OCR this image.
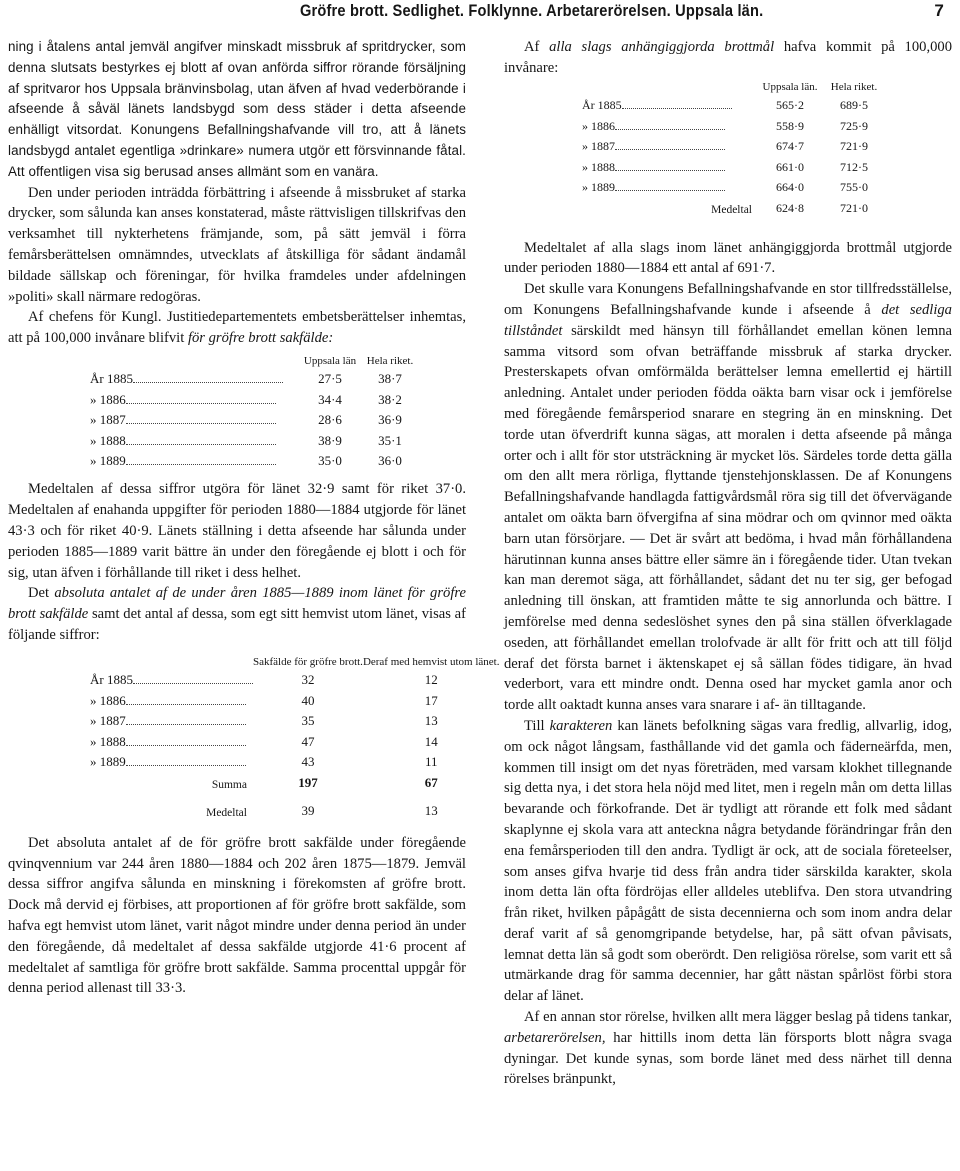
Gröfre brott. Sedlighet. Folklynne. Arbetarerörelsen. Uppsala län.	7

ning i åtalens antal jemväl angifver minskadt missbruk af spritdrycker, som denna slutsats bestyrkes ej blott af ovan anförda siffror rörande försäljning af spritvaror hos Uppsala bränvinsbolag, utan äfven af hvad vederbörande i afseende å såväl länets landsbygd som dess städer i detta afseende enhälligt vitsordat. Konungens Befallningshafvande vill tro, att å länets landsbygd antalet egentliga »drinkare» numera utgör ett försvinnande fåtal. Att offentligen visa sig berusad anses allmänt som en vanära.

Den under perioden inträdda förbättring i afseende å missbruket af starka drycker, som sålunda kan anses konstaterad, måste rättvisligen tillskrifvas den verksamhet till nykterhetens främjande, som, på sätt jemväl i förra femårsberättelsen omnämndes, utvecklats af åtskilliga för sådant ändamål bildade sällskap och föreningar, för hvilka framdeles under afdelningen »politi» skall närmare redogöras.

Af chefens för Kungl. Justitiedepartementets embetsberättelser inhemtas, att på 100,000 invånare blifvit för gröfre brott sakfälde:

	Uppsala län	Hela riket.

År 1885	27·5	38·7

» 1886	34·4	38·2

» 1887	28·6	36·9

» 1888	38·9	35·1

» 1889	35·0	36·0

Medeltalen af dessa siffror utgöra för länet 32·9 samt för riket 37·0. Medeltalen af enahanda uppgifter för perioden 1880—1884 utgjorde för länet 43·3 och för riket 40·9. Länets ställning i detta afseende har sålunda under perioden 1885—1889 varit bättre än under den föregående ej blott i och för sig, utan äfven i förhållande till riket i dess helhet.

Det absoluta antalet af de under åren 1885—1889 inom länet för gröfre brott sakfälde samt det antal af dessa, som egt sitt hemvist utom länet, visas af följande siffror:

	Sakfälde för gröfre brott.	Deraf med hemvist utom länet.

År 1885	32	12

» 1886	40	17

» 1887	35	13

» 1888	47	14

» 1889	43	11
Summa	197	67
Medeltal	39	13

Det absoluta antalet af de för gröfre brott sakfälde under föregående qvinqvennium var 244 åren 1880—1884 och 202 åren 1875—1879. Jemväl dessa siffror angifva sålunda en minskning i förekomsten af gröfre brott. Dock må dervid ej förbises, att proportionen af för gröfre brott sakfälde, som hafva egt hemvist utom länet, varit något mindre under denna period än under den föregående, då medeltalet af dessa sakfälde utgjorde 41·6 procent af medeltalet af samtliga för gröfre brott sakfälde. Samma procenttal uppgår för denna period allenast till 33·3.

Af alla slags anhängiggjorda brottmål hafva kommit på 100,000 invånare:

	Uppsala län.	Hela riket.

År 1885	565·2	689·5

» 1886	558·9	725·9

» 1887	674·7	721·9

» 1888	661·0	712·5

» 1889	664·0	755·0
Medeltal	624·8	721·0

Medeltalet af alla slags inom länet anhängiggjorda brottmål utgjorde under perioden 1880—1884 ett antal af 691·7.

Det skulle vara Konungens Befallningshafvande en stor tillfredsställelse, om Konungens Befallningshafvande kunde i afseende å det sedliga tillståndet särskildt med hänsyn till förhållandet emellan könen lemna samma vitsord som ofvan beträffande missbruk af starka drycker. Presterskapets ofvan omförmälda berättelser lemna emellertid ej härtill anledning. Antalet under perioden födda oäkta barn visar ock i jemförelse med föregående femårsperiod snarare en stegring än en minskning. Det torde utan öfverdrift kunna sägas, att moralen i detta afseende på många orter och i allt för stor utsträckning är mycket lös. Särdeles torde detta gälla om den allt mera rörliga, flyttande tjenstehjonsklassen. De af Konungens Befallningshafvande handlagda fattigvårdsmål röra sig till det öfvervägande antalet om oäkta barn öfvergifna af sina mödrar och om qvinnor med oäkta barn utan försörjare. — Det är svårt att bedöma, i hvad mån förhållandena härutinnan kunna anses bättre eller sämre än i föregående tider. Utan tvekan kan man deremot säga, att förhållandet, sådant det nu ter sig, ger befogad anledning till önskan, att framtiden måtte te sig annorlunda och bättre. I jemförelse med denna sedeslöshet synes den på sina ställen öfverklagade oseden, att förhållandet emellan trolofvade är allt för fritt och att till följd deraf det första barnet i äktenskapet ej så sällan födes tidigare, än hvad vederbort, vara ett mindre ondt. Denna osed har mycket gamla anor och torde allt oaktadt kunna anses vara snarare i af- än tilltagande.

Till karakteren kan länets befolkning sägas vara fredlig, allvarlig, idog, om ock något långsam, fasthållande vid det gamla och fäderneärfda, men, kommen till insigt om det nyas företräden, med varsam klokhet tillegnande sig detta nya, i det stora hela nöjd med litet, men i regeln mån om detta lillas bevarande och förkofrande. Det är tydligt att rörande ett folk med sådant skaplynne ej skola vara att anteckna några betydande förändringar från den ena femårsperioden till den andra. Tydligt är ock, att de sociala företeelser, som anses gifva hvarje tid dess från andra tider särskilda karakter, skola inom detta län ofta fördröjas eller alldeles uteblifva. Den stora utvandring från riket, hvilken påpågått de sista decennierna och som inom andra delar deraf varit af så genomgripande betydelse, har, på sätt ofvan påvisats, lemnat detta län så godt som oberördt. Den religiösa rörelse, som varit ett så utmärkande drag för samma decennier, har gått nästan spårlöst förbi stora delar af länet.

Af en annan stor rörelse, hvilken allt mera lägger beslag på tidens tankar, arbetarerörelsen, har hittills inom detta län försports blott några svaga dyningar. Det kunde synas, som borde länet med dess närhet till denna rörelses bränpunkt,
